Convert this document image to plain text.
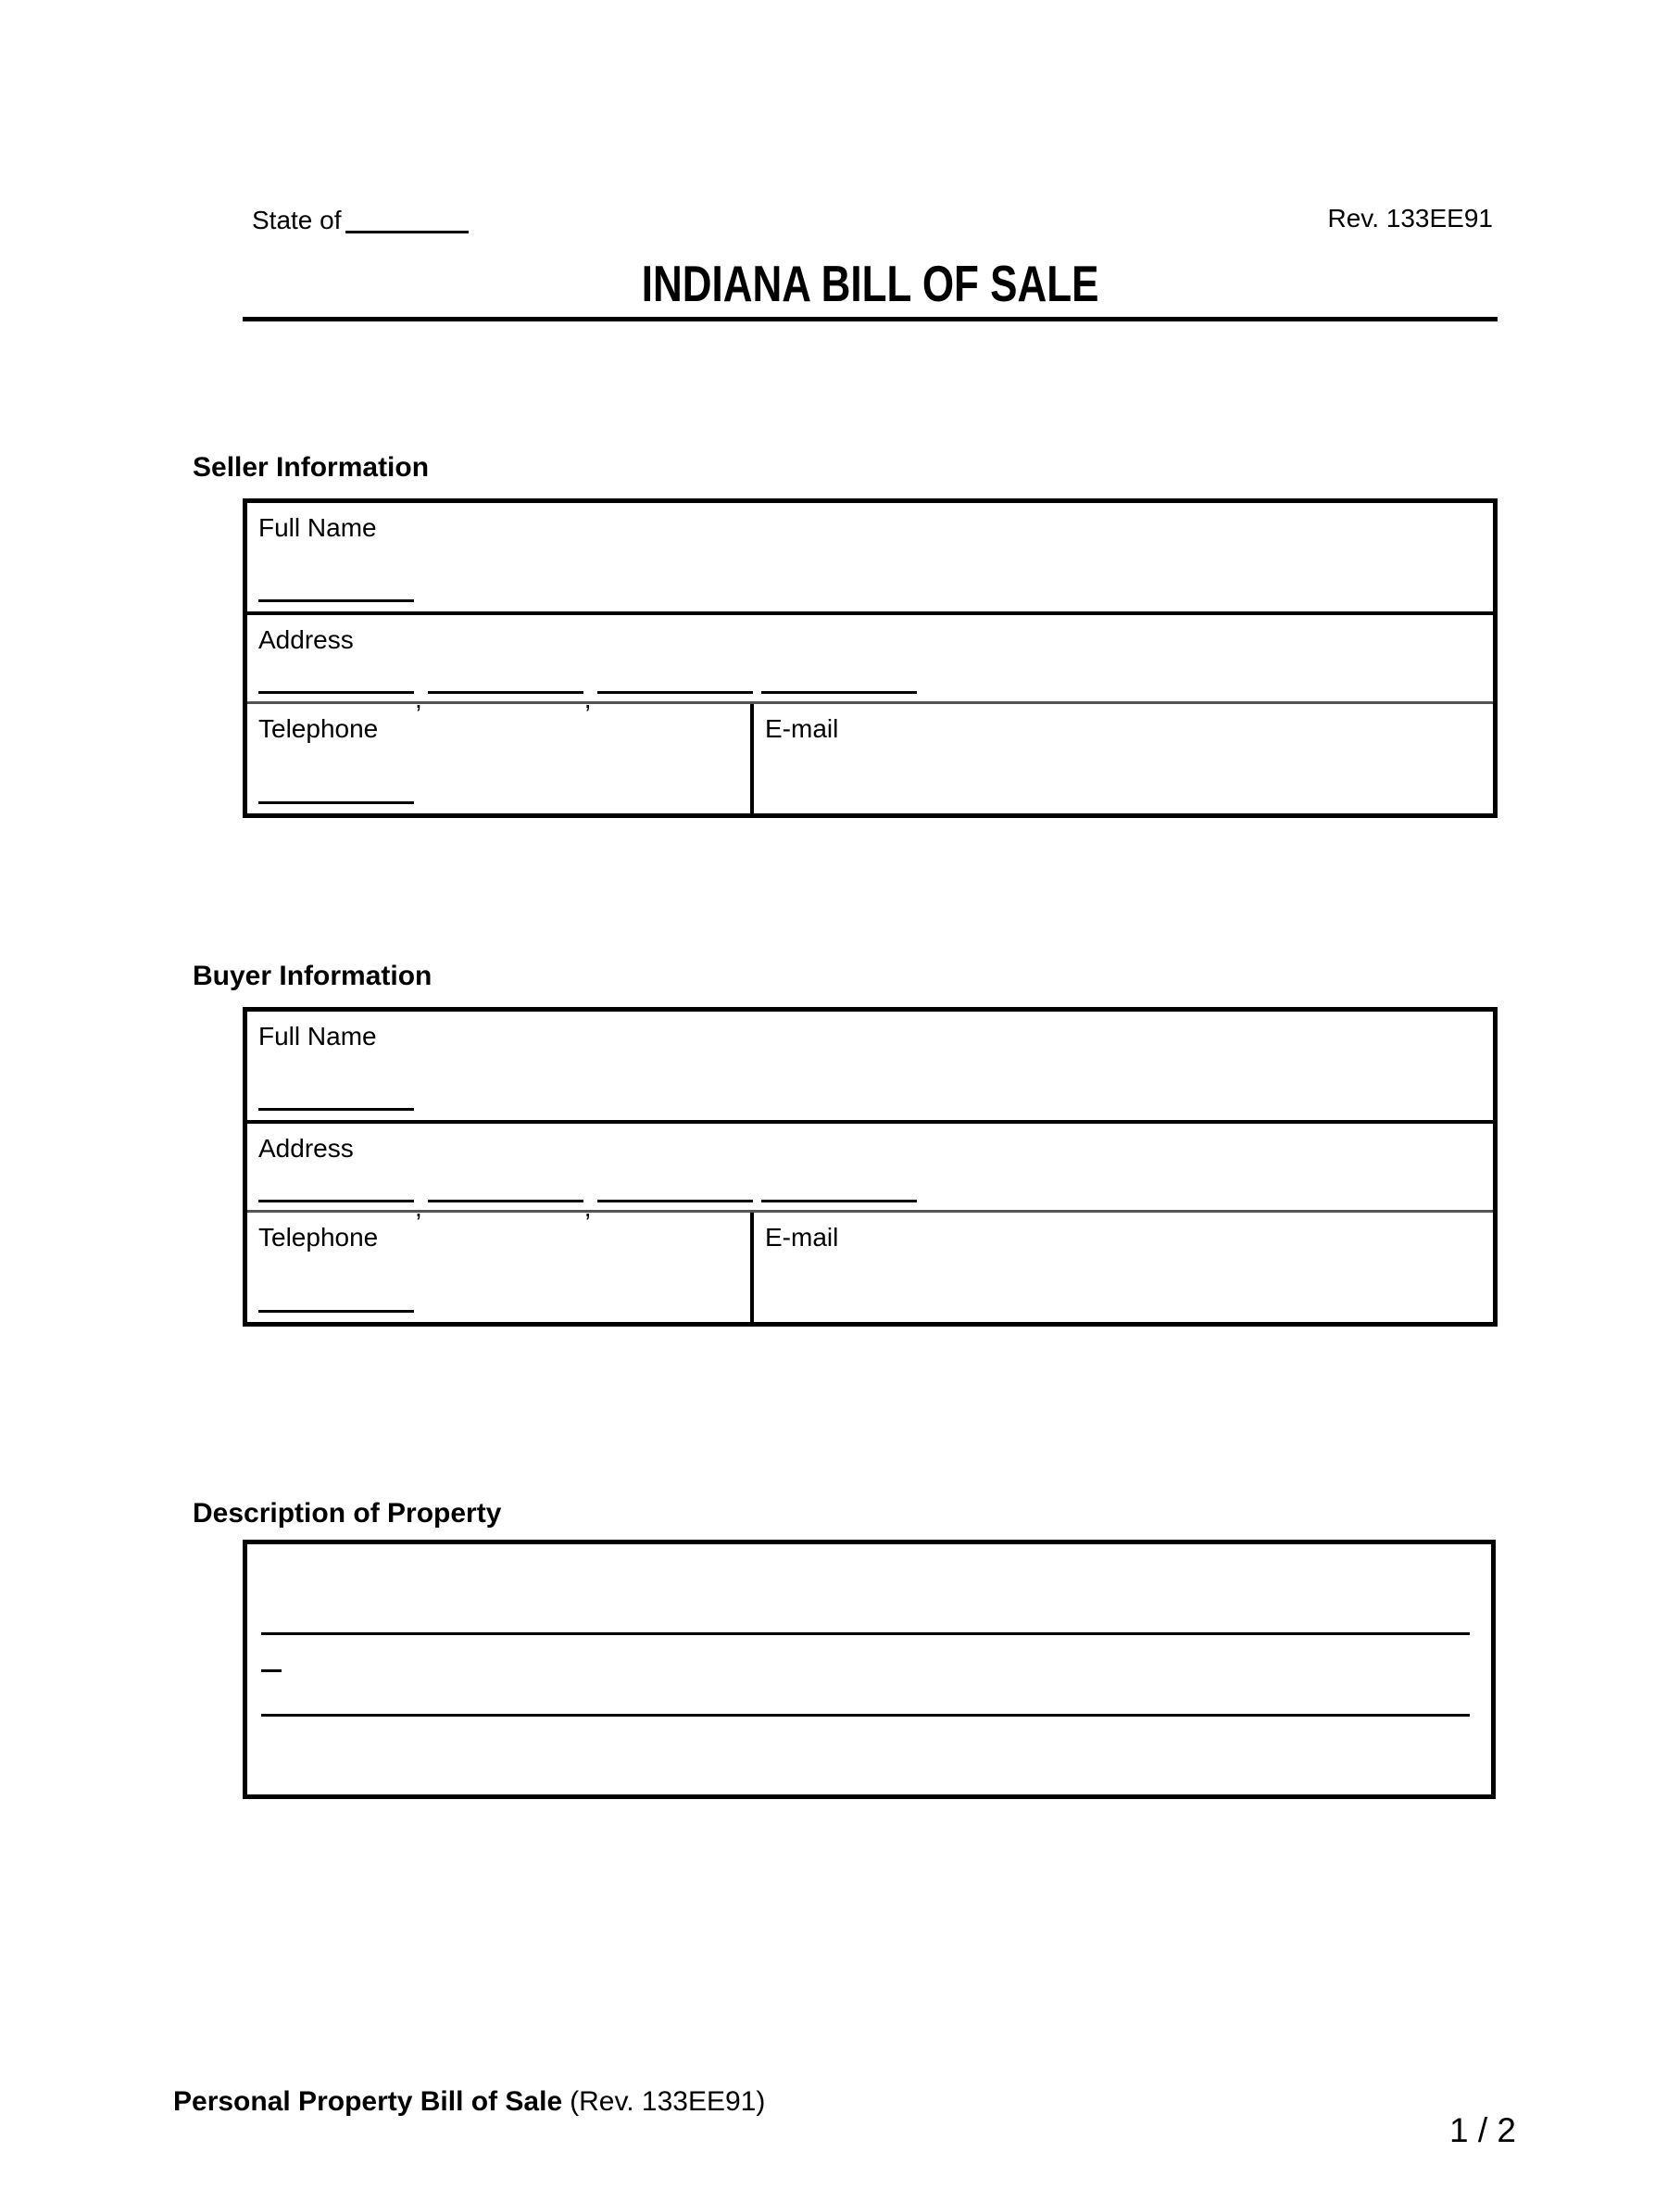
State of	Rev. 133EE91
INDIANA BILL OF SALE
Seller Information
Full Name
Address
,	,
Telephone	E-mail
Buyer Information
Full Name
Address
,	,
Telephone	E-mail
Description of Property
Personal Property Bill of Sale (Rev. 133EE91)
1 / 2
